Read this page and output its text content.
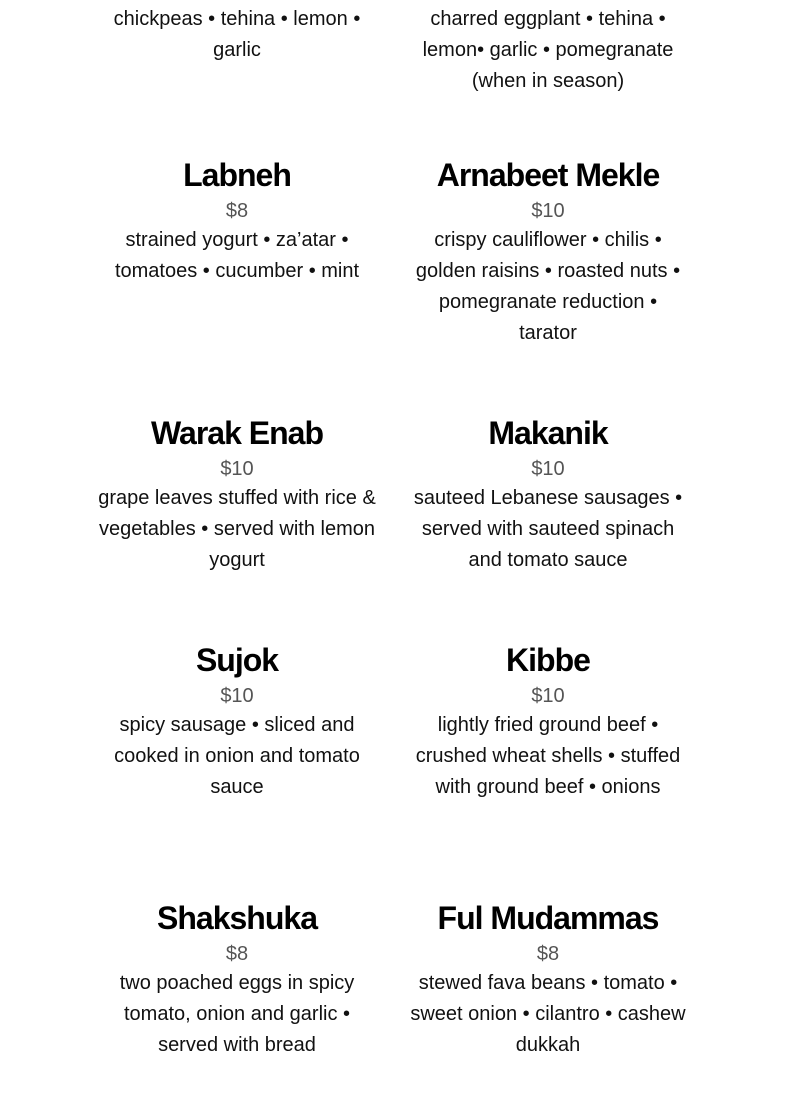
chickpeas • tehina • lemon • garlic
charred eggplant • tehina • lemon• garlic • pomegranate (when in season)
Labneh
$8
strained yogurt • za’atar • tomatoes • cucumber • mint
Arnabeet Mekle
$10
crispy cauliflower • chilis • golden raisins • roasted nuts • pomegranate reduction • tarator
Warak Enab
$10
grape leaves stuffed with rice & vegetables • served with lemon yogurt
Makanik
$10
sauteed Lebanese sausages • served with sauteed spinach and tomato sauce
Sujok
$10
spicy sausage • sliced and cooked in onion and tomato sauce
Kibbe
$10
lightly fried ground beef • crushed wheat shells • stuffed with ground beef • onions
Shakshuka
$8
two poached eggs in spicy tomato, onion and garlic • served with bread
Ful Mudammas
$8
stewed fava beans • tomato • sweet onion • cilantro • cashew dukkah
